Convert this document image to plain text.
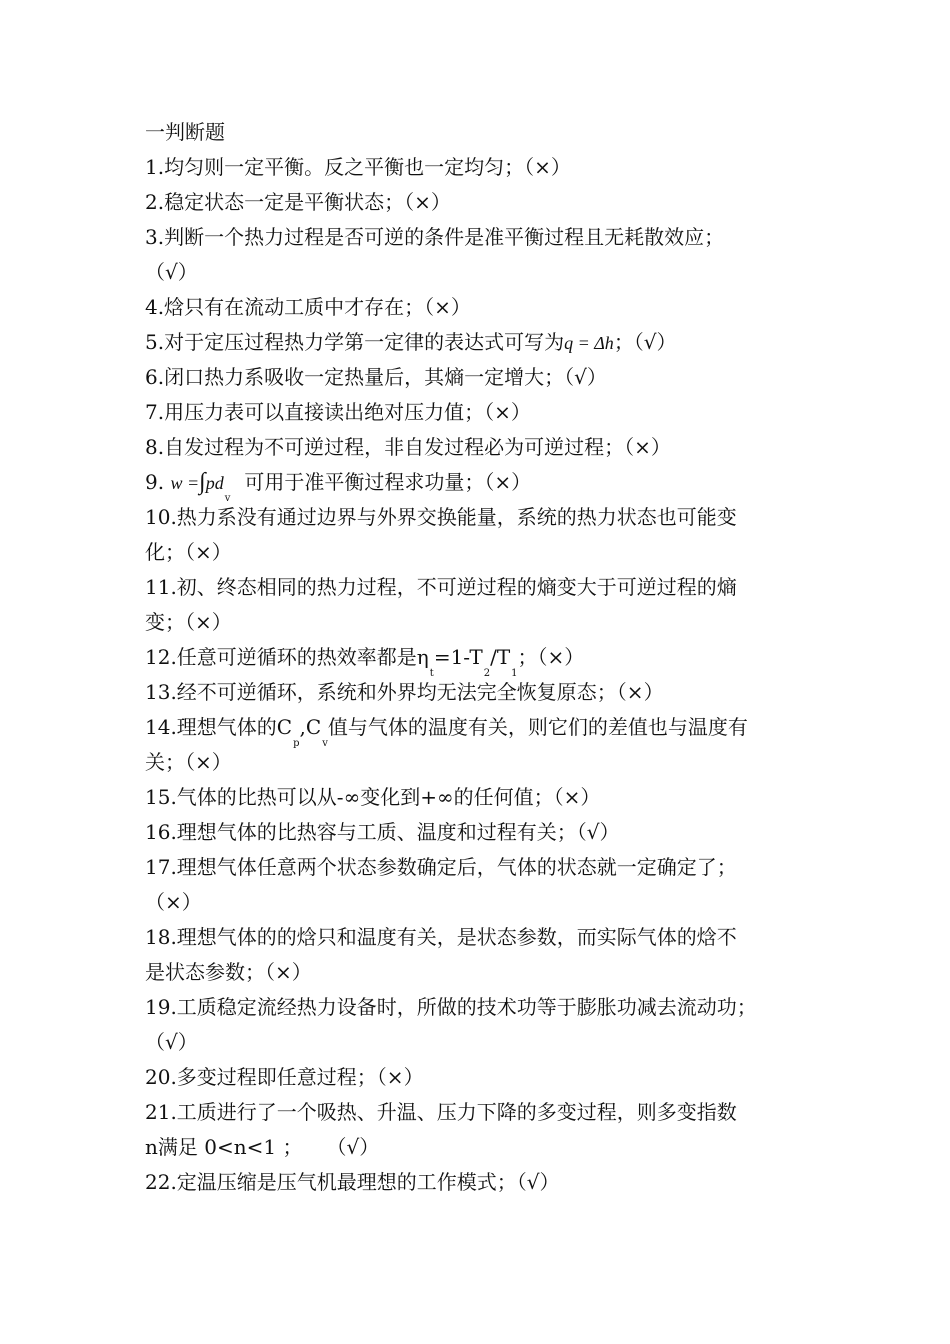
一判断题
1.均匀则一定平衡。反之平衡也一定均匀；（×）
2.稳定状态一定是平衡状态；（×）
3.判断一个热力过程是否可逆的条件是准平衡过程且无耗散效应；
（√）
4.焓只有在流动工质中才存在；（×）
5.对于定压过程热力学第一定律的表达式可写为q = Δh；（√）
6.闭口热力系吸收一定热量后，其熵一定增大；（√）
7.用压力表可以直接读出绝对压力值；（×）
8.自发过程为不可逆过程，非自发过程必为可逆过程；（×）
9. $w =\int pd_v$可用于准平衡过程求功量；（×）
10.热力系没有通过边界与外界交换能量，系统的热力状态也可能变
化；（×）
11.初、终态相同的热力过程，不可逆过程的熵变大于可逆过程的熵
变；（×）
12.任意可逆循环的热效率都是$\eta_t=1-T_2/T_1$；（×）
13.经不可逆循环，系统和外界均无法完全恢复原态；（×）
14.理想气体的$C_p,C_v$值与气体的温度有关，则它们的差值也与温度有
关；（×）
15.气体的比热可以从-∞变化到+∞的任何值；（×）
16.理想气体的比热容与工质、温度和过程有关；（√）
17.理想气体任意两个状态参数确定后，气体的状态就一定确定了；
（×）
18.理想气体的的焓只和温度有关，是状态参数，而实际气体的焓不
是状态参数；（×）
19.工质稳定流经热力设备时，所做的技术功等于膨胀功减去流动功；
（√）
20.多变过程即任意过程；（×）
21.工质进行了一个吸热、升温、压力下降的多变过程，则多变指数
n满足 0<n<1 ； （√）
22.定温压缩是压气机最理想的工作模式；（√）
